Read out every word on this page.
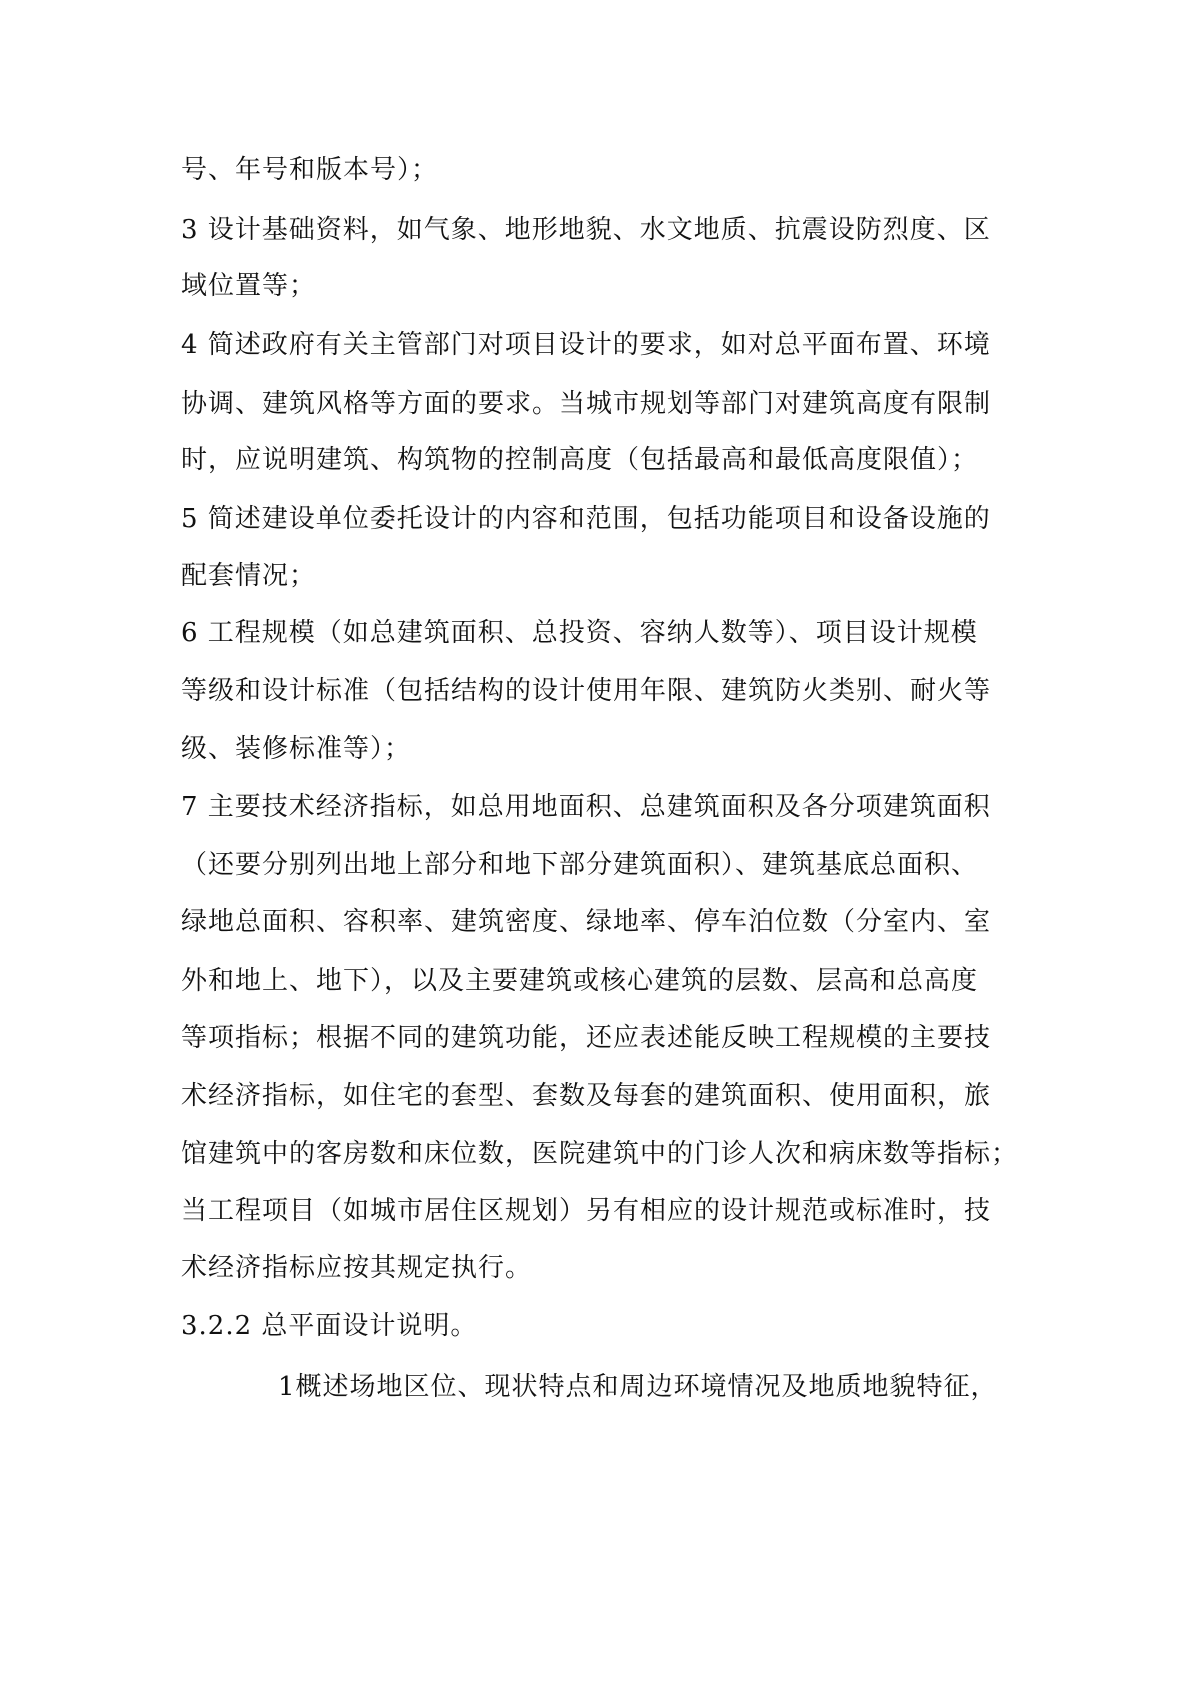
号、年号和版本号）；
3 设计基础资料，如气象、地形地貌、水文地质、抗震设防烈度、区
域位置等；
4 简述政府有关主管部门对项目设计的要求，如对总平面布置、环境
协调、建筑风格等方面的要求。当城市规划等部门对建筑高度有限制
时，应说明建筑、构筑物的控制高度（包括最高和最低高度限值）；
5 简述建设单位委托设计的内容和范围，包括功能项目和设备设施的
配套情况；
6 工程规模（如总建筑面积、总投资、容纳人数等）、项目设计规模
等级和设计标准（包括结构的设计使用年限、建筑防火类别、耐火等
级、装修标准等）；
7 主要技术经济指标，如总用地面积、总建筑面积及各分项建筑面积
（还要分别列出地上部分和地下部分建筑面积）、建筑基底总面积、
绿地总面积、容积率、建筑密度、绿地率、停车泊位数（分室内、室
外和地上、地下），以及主要建筑或核心建筑的层数、层高和总高度
等项指标；根据不同的建筑功能，还应表述能反映工程规模的主要技
术经济指标，如住宅的套型、套数及每套的建筑面积、使用面积，旅
馆建筑中的客房数和床位数，医院建筑中的门诊人次和病床数等指标；
当工程项目（如城市居住区规划）另有相应的设计规范或标准时，技
术经济指标应按其规定执行。
3.2.2 总平面设计说明。
1概述场地区位、现状特点和周边环境情况及地质地貌特征，
